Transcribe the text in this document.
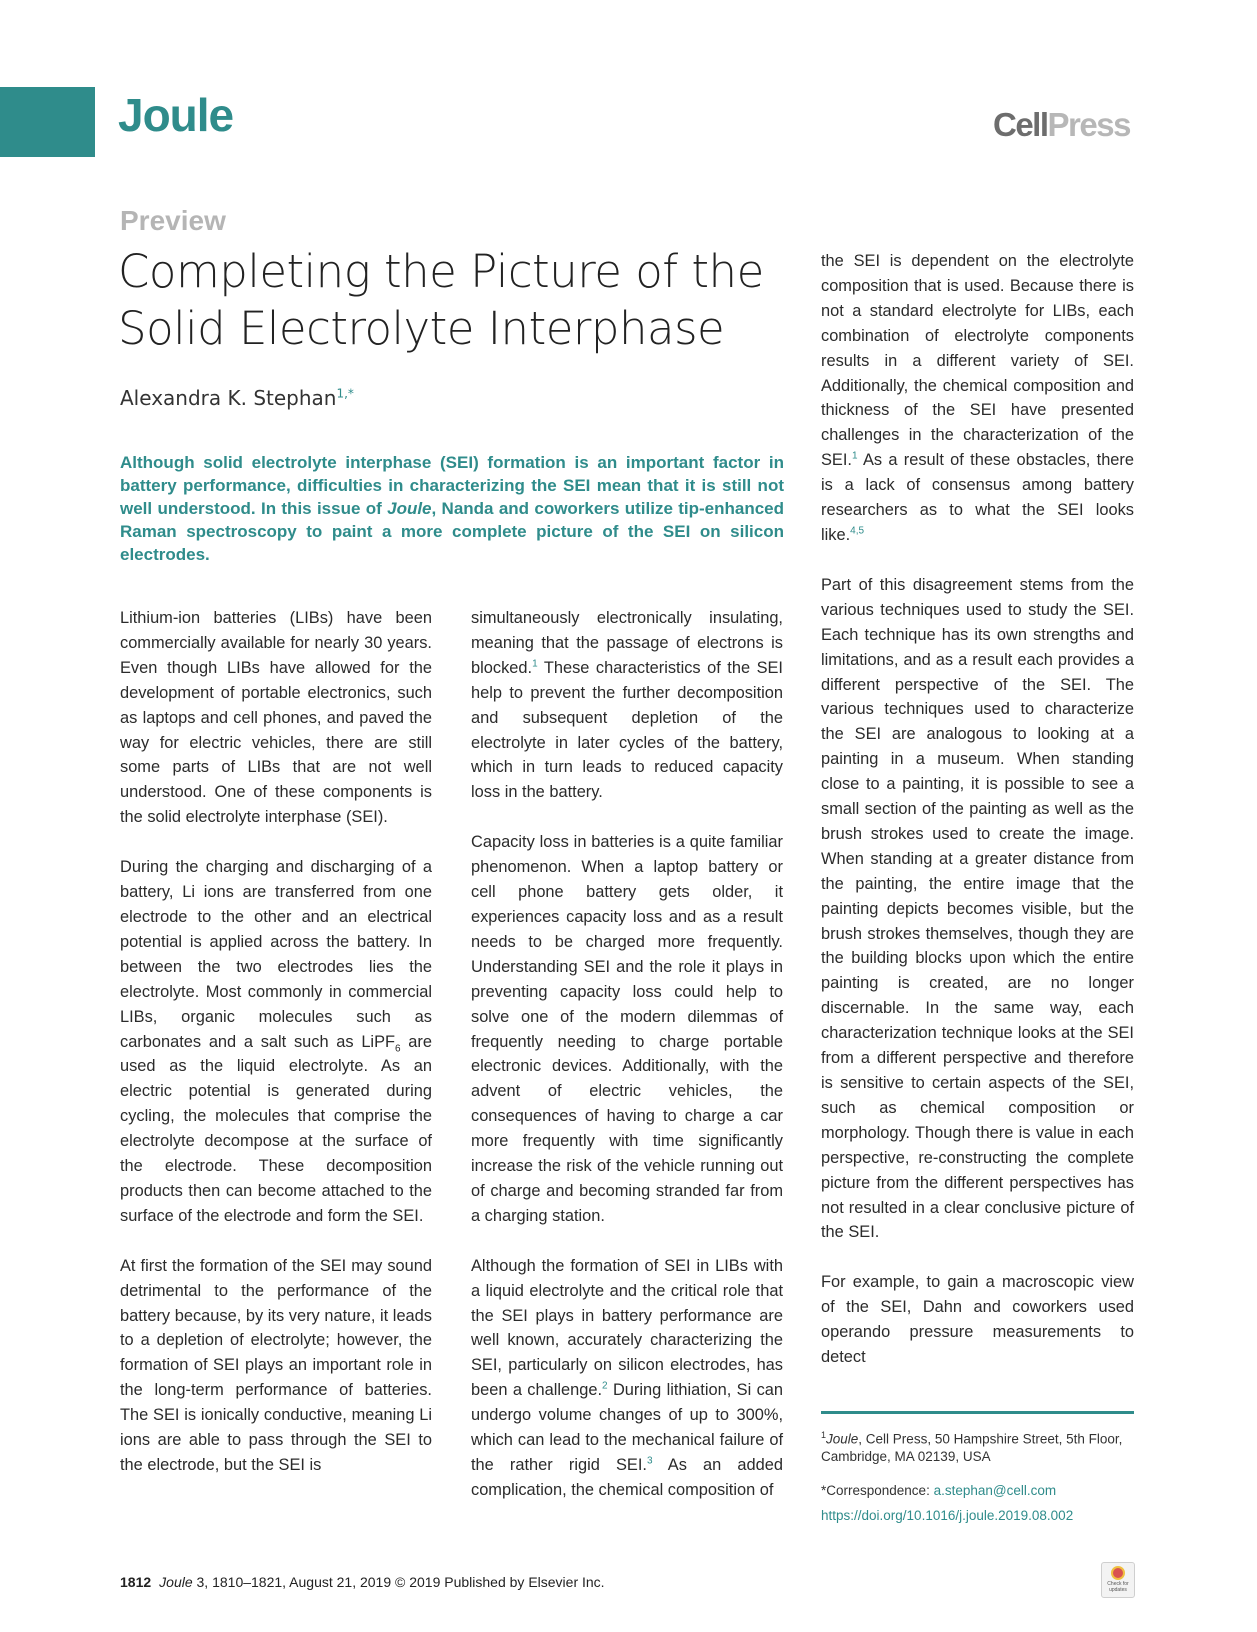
Joule	CellPress
Preview
Completing the Picture of the Solid Electrolyte Interphase
Alexandra K. Stephan$^{1,*}$
Although solid electrolyte interphase (SEI) formation is an important factor in battery performance, difficulties in characterizing the SEI mean that it is still not well understood. In this issue of Joule, Nanda and coworkers utilize tip-enhanced Raman spectroscopy to paint a more complete picture of the SEI on silicon electrodes.

Lithium-ion batteries (LIBs) have been commercially available for nearly 30 years. Even though LIBs have allowed for the development of portable electronics, such as laptops and cell phones, and paved the way for electric vehicles, there are still some parts of LIBs that are not well understood. One of these components is the solid electrolyte interphase (SEI).

During the charging and discharging of a battery, Li ions are transferred from one electrode to the other and an electrical potential is applied across the battery. In between the two electrodes lies the electrolyte. Most commonly in commercial LIBs, organic molecules such as carbonates and a salt such as LiPF$_6$ are used as the liquid electrolyte. As an electric potential is generated during cycling, the molecules that comprise the electrolyte decompose at the surface of the electrode. These decomposition products then can become attached to the surface of the electrode and form the SEI.

At first the formation of the SEI may sound detrimental to the performance of the battery because, by its very nature, it leads to a depletion of electrolyte; however, the formation of SEI plays an important role in the long-term performance of batteries. The SEI is ionically conductive, meaning Li ions are able to pass through the SEI to the electrode, but the SEI is

simultaneously electronically insulating, meaning that the passage of electrons is blocked.$^1$ These characteristics of the SEI help to prevent the further decomposition and subsequent depletion of the electrolyte in later cycles of the battery, which in turn leads to reduced capacity loss in the battery.

Capacity loss in batteries is a quite familiar phenomenon. When a laptop battery or cell phone battery gets older, it experiences capacity loss and as a result needs to be charged more frequently. Understanding SEI and the role it plays in preventing capacity loss could help to solve one of the modern dilemmas of frequently needing to charge portable electronic devices. Additionally, with the advent of electric vehicles, the consequences of having to charge a car more frequently with time significantly increase the risk of the vehicle running out of charge and becoming stranded far from a charging station.

Although the formation of SEI in LIBs with a liquid electrolyte and the critical role that the SEI plays in battery performance are well known, accurately characterizing the SEI, particularly on silicon electrodes, has been a challenge.$^2$ During lithiation, Si can undergo volume changes of up to 300%, which can lead to the mechanical failure of the rather rigid SEI.$^3$ As an added complication, the chemical composition of

the SEI is dependent on the electrolyte composition that is used. Because there is not a standard electrolyte for LIBs, each combination of electrolyte components results in a different variety of SEI. Additionally, the chemical composition and thickness of the SEI have presented challenges in the characterization of the SEI.$^1$ As a result of these obstacles, there is a lack of consensus among battery researchers as to what the SEI looks like.$^{4,5}$

Part of this disagreement stems from the various techniques used to study the SEI. Each technique has its own strengths and limitations, and as a result each provides a different perspective of the SEI. The various techniques used to characterize the SEI are analogous to looking at a painting in a museum. When standing close to a painting, it is possible to see a small section of the painting as well as the brush strokes used to create the image. When standing at a greater distance from the painting, the entire image that the painting depicts becomes visible, but the brush strokes themselves, though they are the building blocks upon which the entire painting is created, are no longer discernable. In the same way, each characterization technique looks at the SEI from a different perspective and therefore is sensitive to certain aspects of the SEI, such as chemical composition or morphology. Though there is value in each perspective, re-constructing the complete picture from the different perspectives has not resulted in a clear conclusive picture of the SEI.

For example, to gain a macroscopic view of the SEI, Dahn and coworkers used operando pressure measurements to detect

$^1$Joule, Cell Press, 50 Hampshire Street, 5th Floor, Cambridge, MA 02139, USA
*Correspondence: a.stephan@cell.com
https://doi.org/10.1016/j.joule.2019.08.002
1812 Joule 3, 1810–1821, August 21, 2019 © 2019 Published by Elsevier Inc.	Check for updates
